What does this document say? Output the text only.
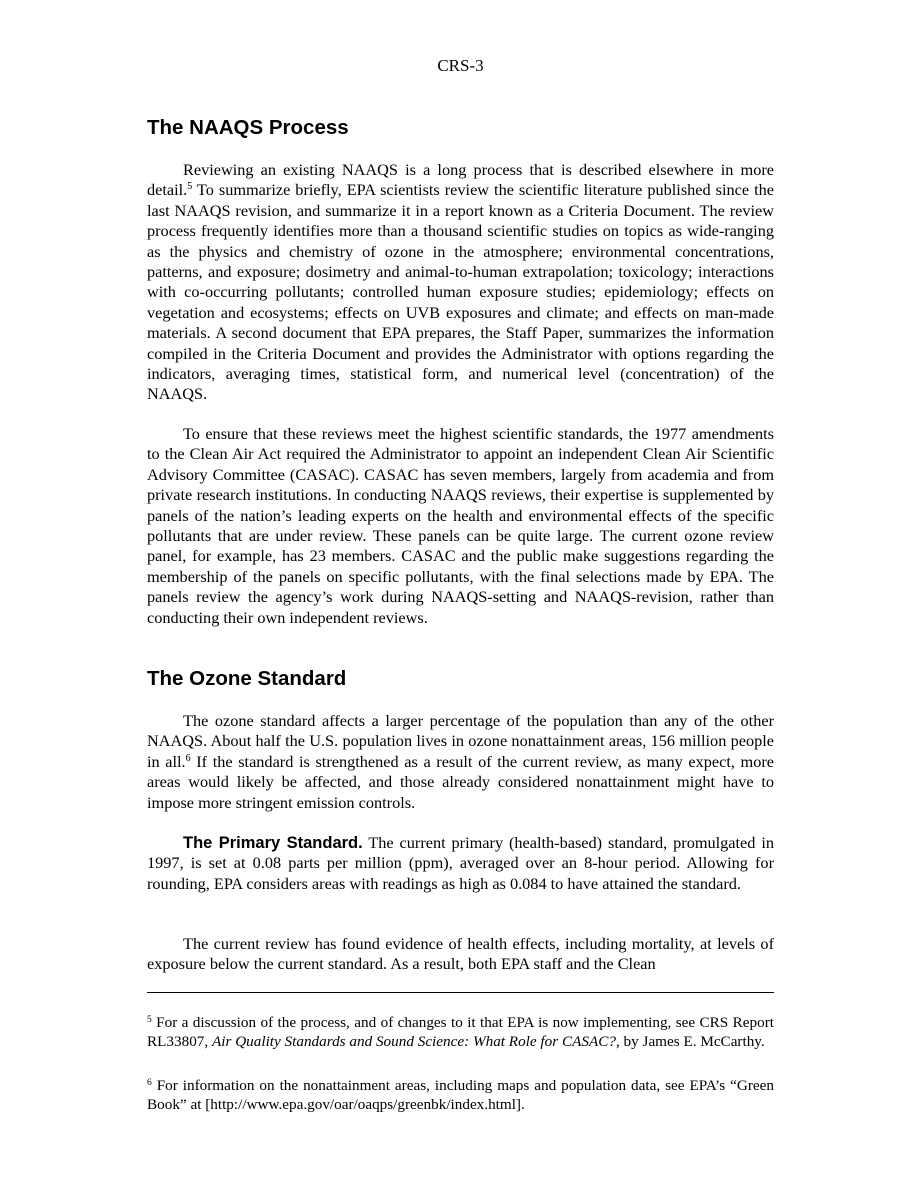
CRS-3
The NAAQS Process

Reviewing an existing NAAQS is a long process that is described elsewhere in more detail.$^5$ To summarize briefly, EPA scientists review the scientific literature published since the last NAAQS revision, and summarize it in a report known as a Criteria Document. The review process frequently identifies more than a thousand scientific studies on topics as wide-ranging as the physics and chemistry of ozone in the atmosphere; environmental concentrations, patterns, and exposure; dosimetry and animal-to-human extrapolation; toxicology; interactions with co-occurring pollutants; controlled human exposure studies; epidemiology; effects on vegetation and ecosystems; effects on UVB exposures and climate; and effects on man-made materials. A second document that EPA prepares, the Staff Paper, summarizes the information compiled in the Criteria Document and provides the Administrator with options regarding the indicators, averaging times, statistical form, and numerical level (concentration) of the NAAQS.

To ensure that these reviews meet the highest scientific standards, the 1977 amendments to the Clean Air Act required the Administrator to appoint an independent Clean Air Scientific Advisory Committee (CASAC). CASAC has seven members, largely from academia and from private research institutions. In conducting NAAQS reviews, their expertise is supplemented by panels of the nation’s leading experts on the health and environmental effects of the specific pollutants that are under review. These panels can be quite large. The current ozone review panel, for example, has 23 members. CASAC and the public make suggestions regarding the membership of the panels on specific pollutants, with the final selections made by EPA. The panels review the agency’s work during NAAQS-setting and NAAQS-revision, rather than conducting their own independent reviews.

The Ozone Standard

The ozone standard affects a larger percentage of the population than any of the other NAAQS. About half the U.S. population lives in ozone nonattainment areas, 156 million people in all.$^6$ If the standard is strengthened as a result of the current review, as many expect, more areas would likely be affected, and those already considered nonattainment might have to impose more stringent emission controls.

The Primary Standard. The current primary (health-based) standard, promulgated in 1997, is set at 0.08 parts per million (ppm), averaged over an 8-hour period. Allowing for rounding, EPA considers areas with readings as high as 0.084 to have attained the standard.

The current review has found evidence of health effects, including mortality, at levels of exposure below the current standard. As a result, both EPA staff and the Clean

$^5$ For a discussion of the process, and of changes to it that EPA is now implementing, see CRS Report RL33807, Air Quality Standards and Sound Science: What Role for CASAC?, by James E. McCarthy.

$^6$ For information on the nonattainment areas, including maps and population data, see EPA’s “Green Book” at [http://www.epa.gov/oar/oaqps/greenbk/index.html].
